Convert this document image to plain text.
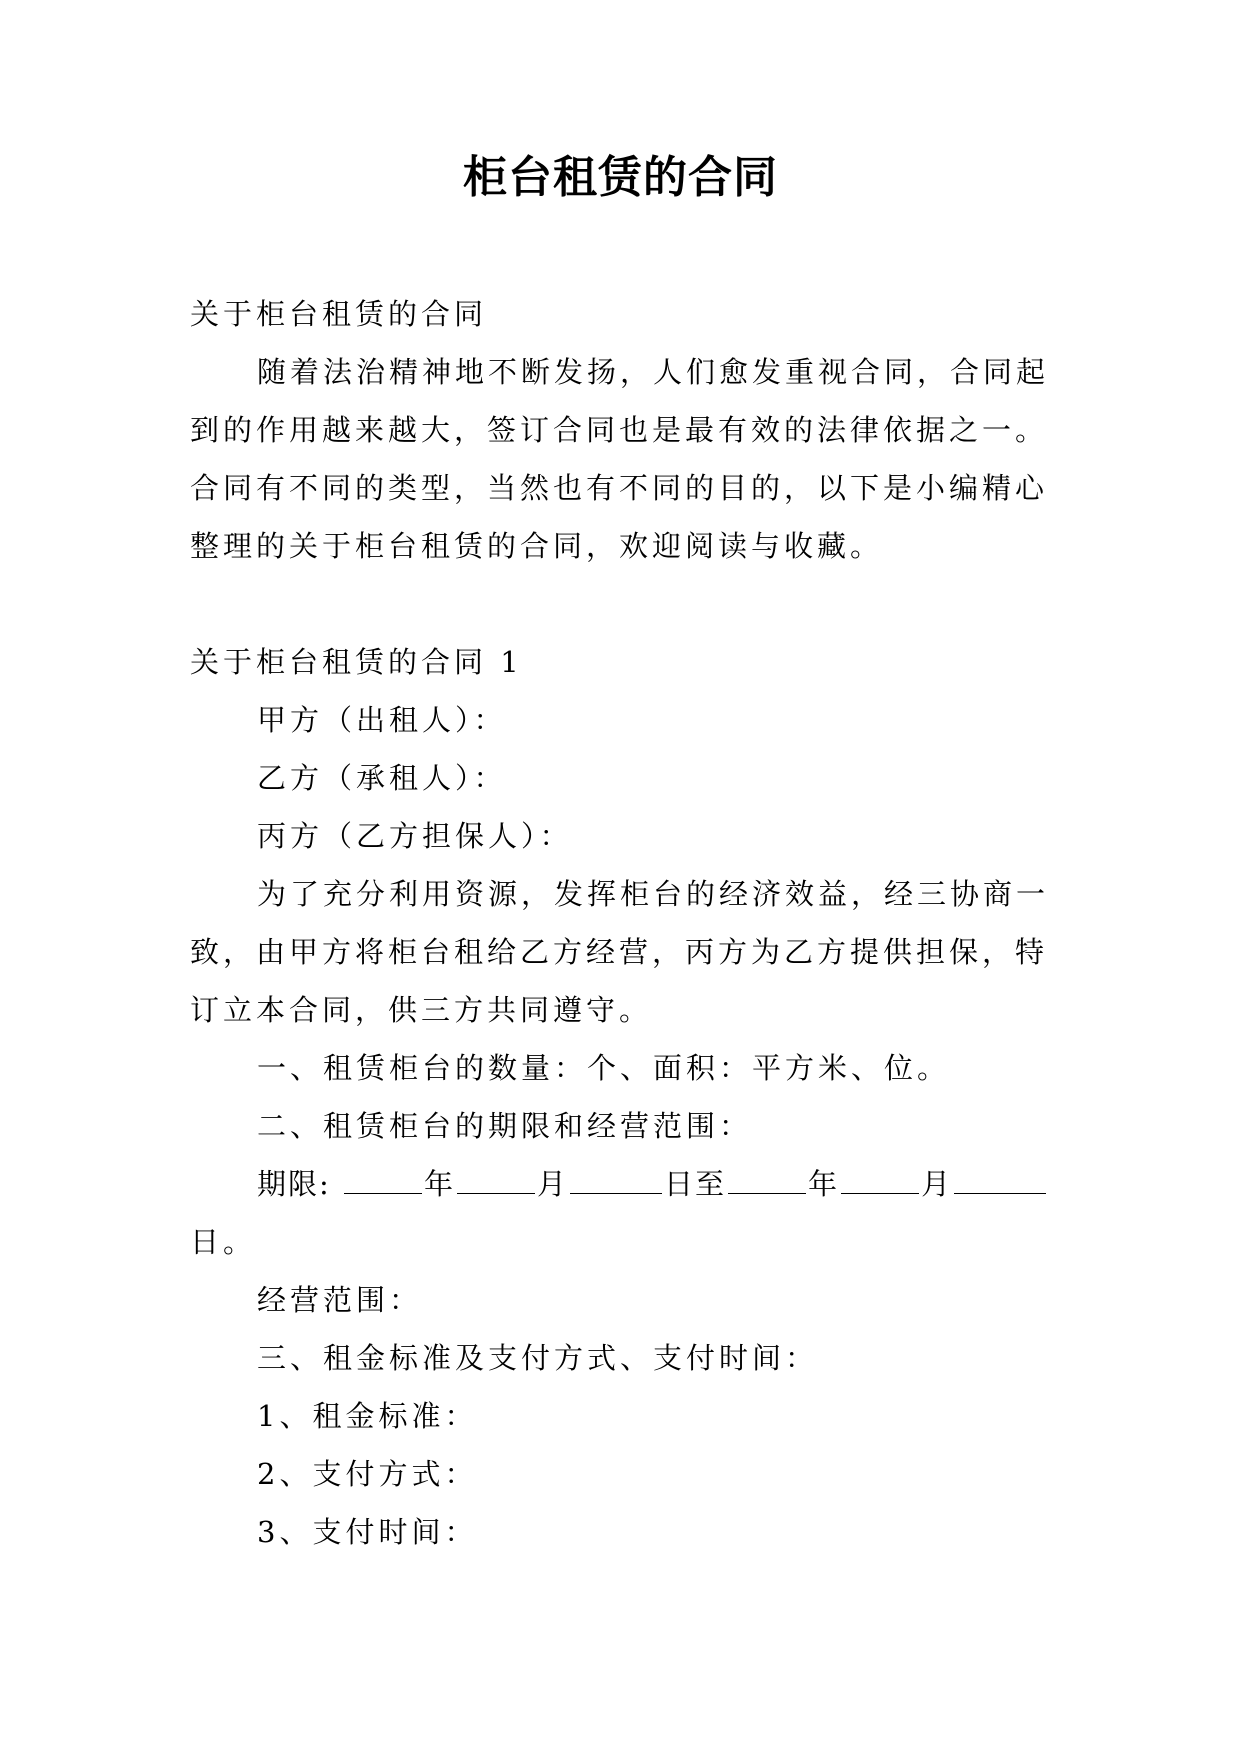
柜台租赁的合同
关于柜台租赁的合同
随着法治精神地不断发扬，人们愈发重视合同，合同起
到的作用越来越大，签订合同也是最有效的法律依据之一。
合同有不同的类型，当然也有不同的目的，以下是小编精心
整理的关于柜台租赁的合同，欢迎阅读与收藏。
关于柜台租赁的合同 1
甲方（出租人）：
乙方（承租人）：
丙方（乙方担保人）：
为了充分利用资源，发挥柜台的经济效益，经三协商一
致，由甲方将柜台租给乙方经营，丙方为乙方提供担保，特
订立本合同，供三方共同遵守。
一、租赁柜台的数量：个、面积：平方米、位。
二、租赁柜台的期限和经营范围：
期限:	年	月	日至	年	月
日。
经营范围：
三、租金标准及支付方式、支付时间：
1、租金标准：
2、支付方式：
3、支付时间：
